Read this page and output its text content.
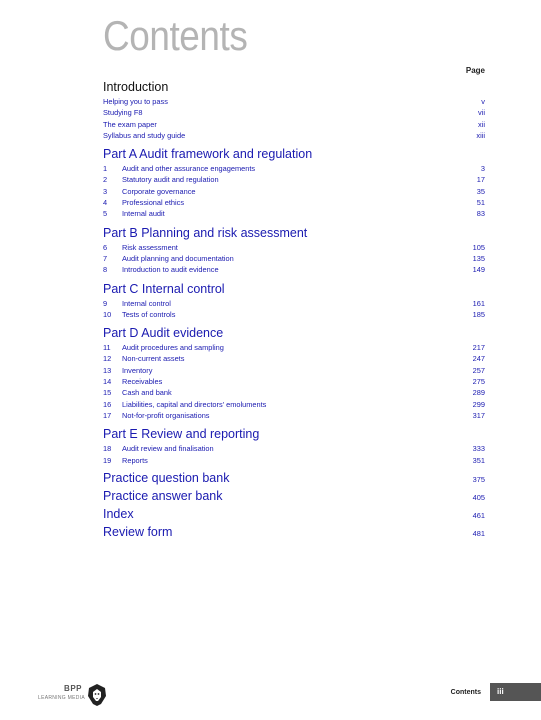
Contents
Page
Introduction
Helping you to pass	v
Studying F8	vii
The exam paper	xii
Syllabus and study guide	xiii
Part A Audit framework and regulation
1	Audit and other assurance engagements	3
2	Statutory audit and regulation	17
3	Corporate governance	35
4	Professional ethics	51
5	Internal audit	83
Part B Planning and risk assessment
6	Risk assessment	105
7	Audit planning and documentation	135
8	Introduction to audit evidence	149
Part C Internal control
9	Internal control	161
10	Tests of controls	185
Part D Audit evidence
11	Audit procedures and sampling	217
12	Non-current assets	247
13	Inventory	257
14	Receivables	275
15	Cash and bank	289
16	Liabilities, capital and directors' emoluments	299
17	Not-for-profit organisations	317
Part E Review and reporting
18	Audit review and finalisation	333
19	Reports	351
Practice question bank	375
Practice answer bank	405
Index	461
Review form	481
BPP
LEARNING MEDIA
Contents	iii
